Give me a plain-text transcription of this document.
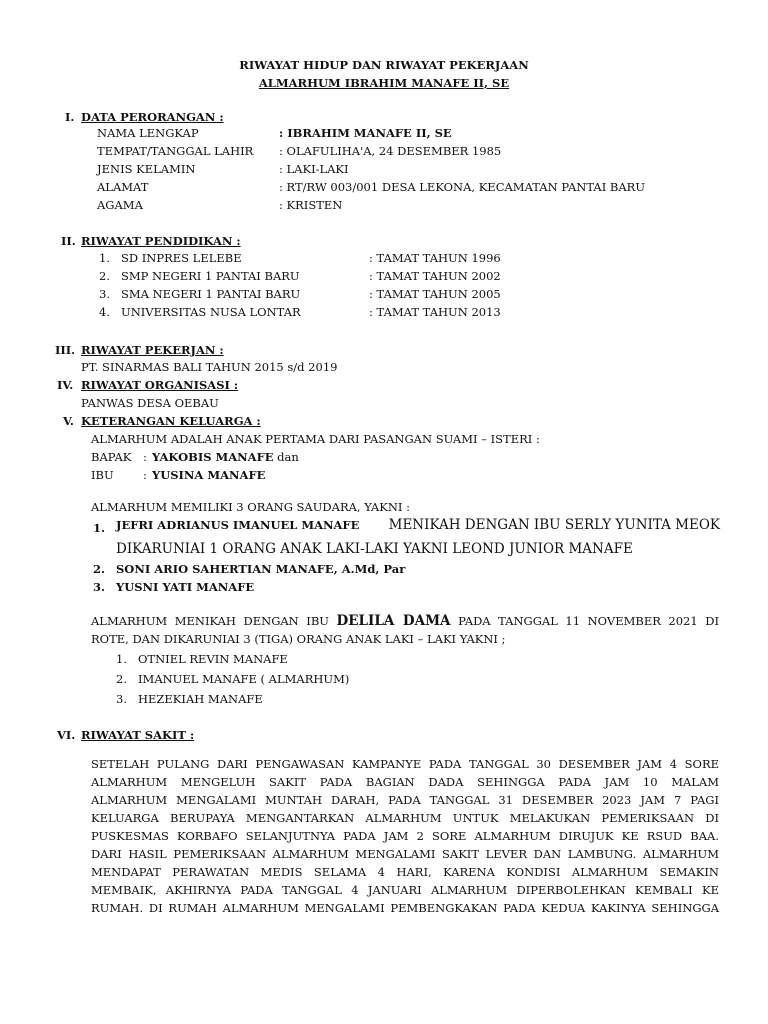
RIWAYAT HIDUP DAN RIWAYAT PEKERJAAN
ALMARHUM IBRAHIM MANAFE II, SE
I. DATA PERORANGAN :
NAMA LENGKAP	: IBRAHIM MANAFE II, SE
TEMPAT/TANGGAL LAHIR : OLAFULIHA'A, 24 DESEMBER 1985
JENIS KELAMIN	: LAKI-LAKI
ALAMAT	: RT/RW 003/001 DESA LEKONA, KECAMATAN PANTAI BARU
AGAMA	: KRISTEN
II. RIWAYAT PENDIDIKAN :
1. SD INPRES LELEBE	: TAMAT TAHUN 1996
2. SMP NEGERI 1 PANTAI BARU	: TAMAT TAHUN 2002
3. SMA NEGERI 1 PANTAI BARU	: TAMAT TAHUN 2005
4. UNIVERSITAS NUSA LONTAR	: TAMAT TAHUN 2013
III. RIWAYAT PEKERJAN :
PT. SINARMAS BALI TAHUN 2015 s/d 2019
IV. RIWAYAT ORGANISASI :
PANWAS DESA OEBAU
V. KETERANGAN KELUARGA :
ALMARHUM ADALAH ANAK PERTAMA DARI PASANGAN SUAMI – ISTERI :
BAPAK : YAKOBIS MANAFE dan
IBU	: YUSINA MANAFE
ALMARHUM MEMILIKI 3 ORANG SAUDARA, YAKNI :
1. JEFRI ADRIANUS IMANUEL MANAFE MENIKAH DENGAN IBU SERLY YUNITA MEOK
DIKARUNIAI 1 ORANG ANAK LAKI-LAKI YAKNI LEOND JUNIOR MANAFE
2. SONI ARIO SAHERTIAN MANAFE, A.Md, Par
3. YUSNI YATI MANAFE
ALMARHUM MENIKAH DENGAN IBU DELILA DAMA PADA TANGGAL 11 NOVEMBER 2021 DI
ROTE, DAN DIKARUNIAI 3 (TIGA) ORANG ANAK LAKI – LAKI YAKNI ;
1. OTNIEL REVIN MANAFE
2. IMANUEL MANAFE ( ALMARHUM)
3. HEZEKIAH MANAFE
VI. RIWAYAT SAKIT :
SETELAH PULANG DARI PENGAWASAN KAMPANYE PADA TANGGAL 30 DESEMBER JAM 4 SORE
ALMARHUM MENGELUH SAKIT PADA BAGIAN DADA SEHINGGA PADA JAM 10 MALAM
ALMARHUM MENGALAMI MUNTAH DARAH, PADA TANGGAL 31 DESEMBER 2023 JAM 7 PAGI
KELUARGA BERUPAYA MENGANTARKAN ALMARHUM UNTUK MELAKUKAN PEMERIKSAAN DI
PUSKESMAS KORBAFO SELANJUTNYA PADA JAM 2 SORE ALMARHUM DIRUJUK KE RSUD BAA.
DARI HASIL PEMERIKSAAN ALMARHUM MENGALAMI SAKIT LEVER DAN LAMBUNG. ALMARHUM
MENDAPAT PERAWATAN MEDIS SELAMA 4 HARI, KARENA KONDISI ALMARHUM SEMAKIN
MEMBAIK, AKHIRNYA PADA TANGGAL 4 JANUARI ALMARHUM DIPERBOLEHKAN KEMBALI KE
RUMAH. DI RUMAH ALMARHUM MENGALAMI PEMBENGKAKAN PADA KEDUA KAKINYA SEHINGGA
